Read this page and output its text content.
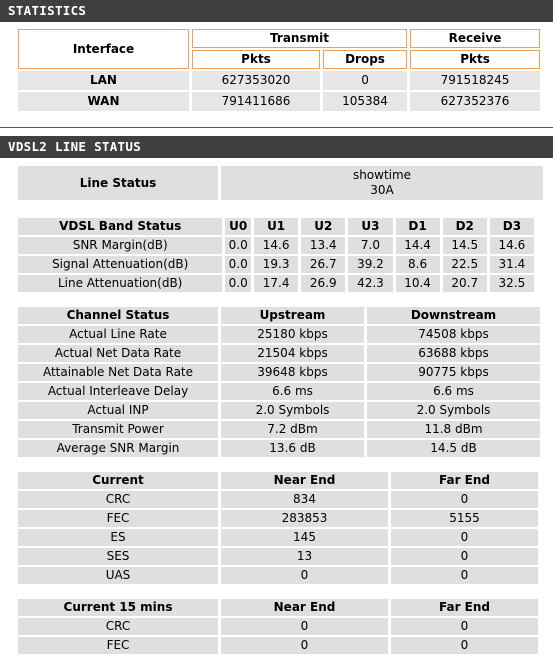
STATISTICS
Interface	Transmit		Receive
	Pkts	Drops	Pkts
LAN	627353020	0	791518245
WAN	791411686	105384	627352376
VDSL2 LINE STATUS
Line Status	
showtime
30A
VDSL Band Status	U0	U1	U2	U3	D1	D2	D3
SNR Margin(dB)	0.0	14.6	13.4	7.0	14.4	14.5	14.6
Signal Attenuation(dB)	0.0	19.3	26.7	39.2	8.6	22.5	31.4
Line Attenuation(dB)	0.0	17.4	26.9	42.3	10.4	20.7	32.5
Channel Status	Upstream	Downstream
Actual Line Rate	25180 kbps	74508 kbps
Actual Net Data Rate	21504 kbps	63688 kbps
Attainable Net Data Rate	39648 kbps	90775 kbps
Actual Interleave Delay	6.6 ms	6.6 ms
Actual INP	2.0 Symbols	2.0 Symbols
Transmit Power	7.2 dBm	11.8 dBm
Average SNR Margin	13.6 dB	14.5 dB
Current	Near End	Far End
CRC	834	0
FEC	283853	5155
ES	145	0
SES	13	0
UAS	0	0
Current 15 mins	Near End	Far End
CRC	0	0
FEC	0	0
